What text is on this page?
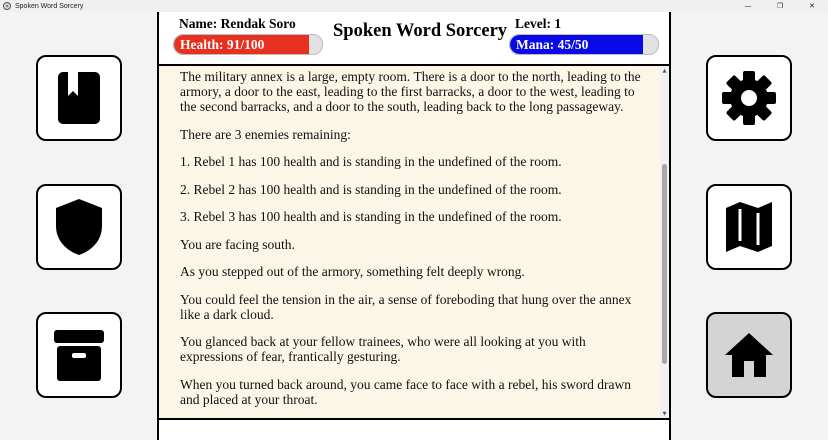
Spoken Word Sorcery	—	❐	✕
Name: Rendak Soro Spoken Word Sorcery Level: 1
Health: 91/100	Mana: 45/50

The military annex is a large, empty room. There is a door to the north, leading to the armory, a door to the east, leading to the first barracks, a door to the west, leading to the second barracks, and a door to the south, leading back to the long passageway.

There are 3 enemies remaining:

1. Rebel 1 has 100 health and is standing in the undefined of the room.

2. Rebel 2 has 100 health and is standing in the undefined of the room.

3. Rebel 3 has 100 health and is standing in the undefined of the room.

You are facing south.

As you stepped out of the armory, something felt deeply wrong.

You could feel the tension in the air, a sense of foreboding that hung over the annex like a dark cloud.

You glanced back at your fellow trainees, who were all looking at you with expressions of fear, frantically gesturing.

When you turned back around, you came face to face with a rebel, his sword drawn and placed at your throat.

▲
▼
